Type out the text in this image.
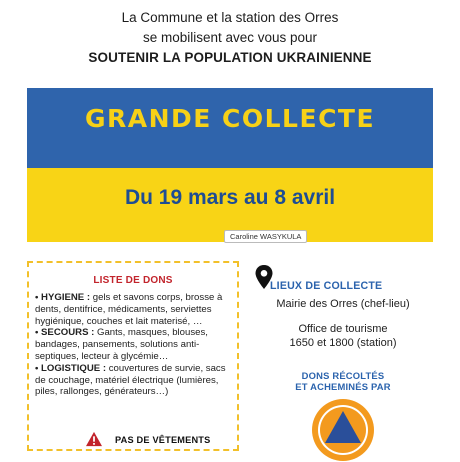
La Commune et la station des Orres
se mobilisent avec vous pour
SOUTENIR LA POPULATION UKRAINIENNE
GRANDE COLLECTE
Du 19 mars au 8 avril
Caroline WASYKULA
LISTE DE DONS
• HYGIENE : gels et savons corps, brosse à dents, dentifrice, médicaments, serviettes hygiénique, couches et lait materisé, …
• SECOURS : Gants, masques, blouses, bandages, pansements, solutions anti-septiques, lecteur à glycémie…
• LOGISTIQUE : couvertures de survie, sacs de couchage, matériel électrique (lumières, piles, rallonges, générateurs…)
PAS DE VÊTEMENTS
LIEUX DE COLLECTE
Mairie des Orres (chef-lieu)
Office de tourisme
1650 et 1800 (station)
DONS RÉCOLTÉS
ET ACHEMINÉS PAR
